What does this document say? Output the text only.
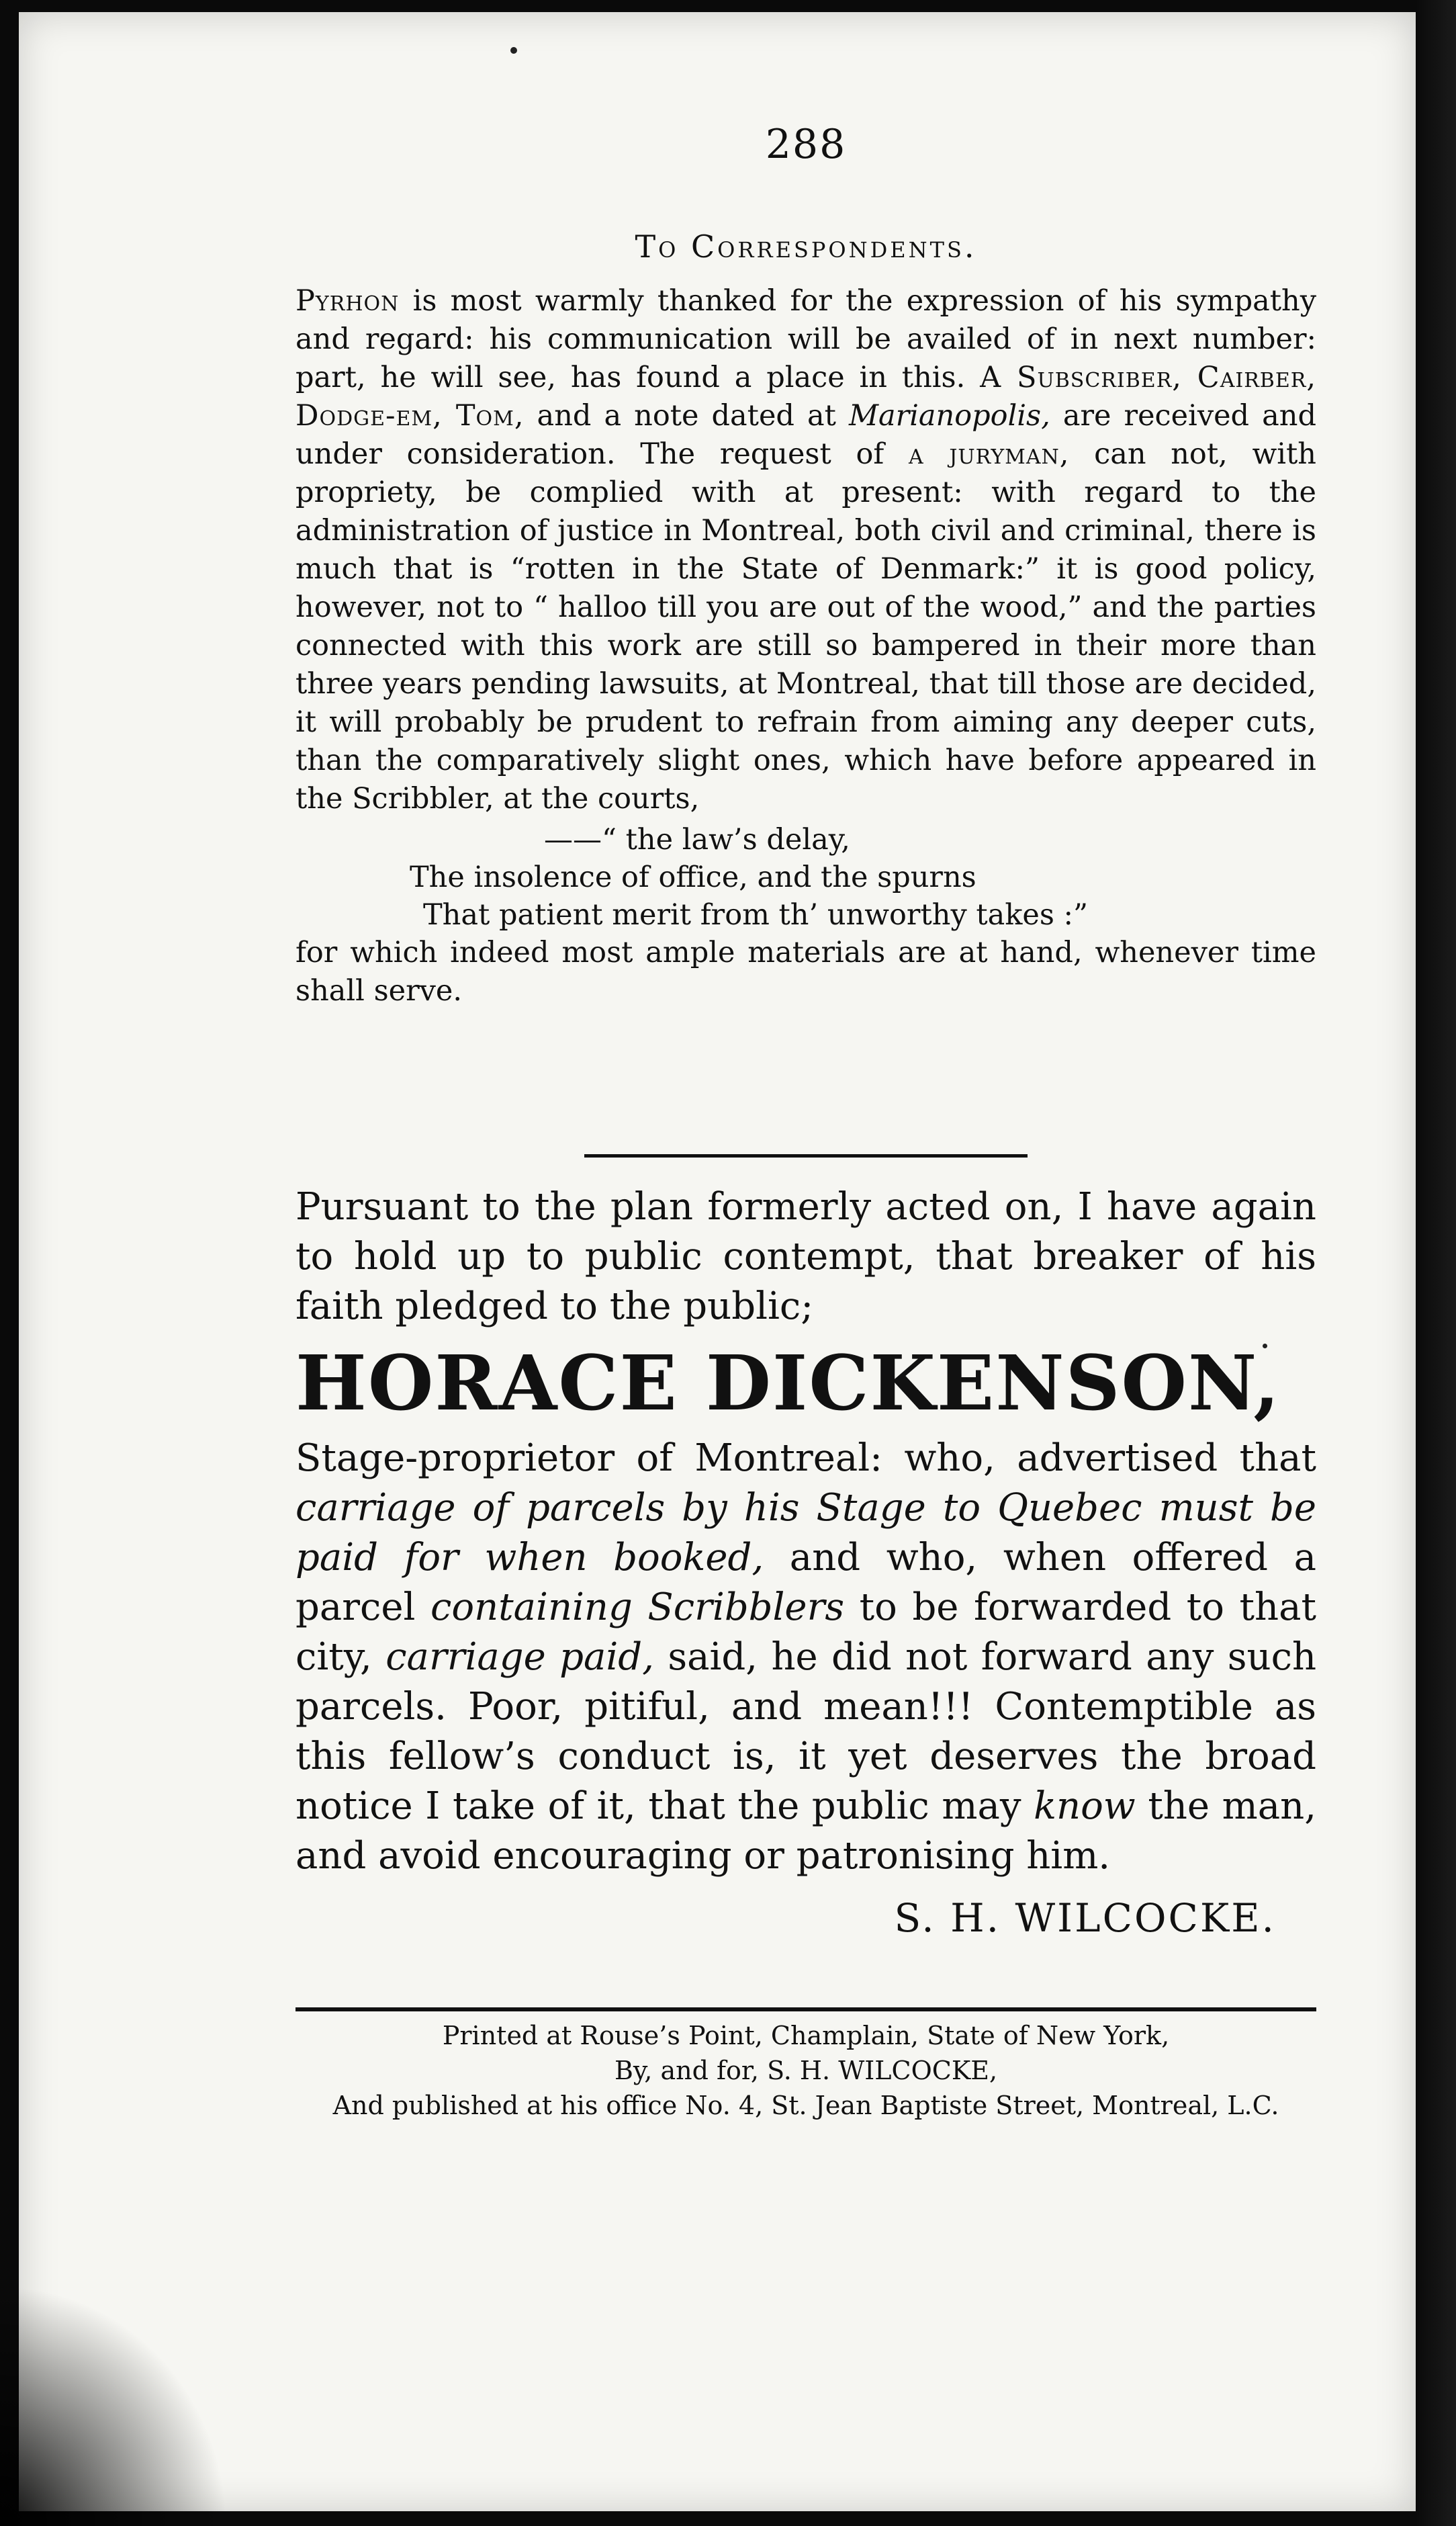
288
To Correspondents.

Pyrhon is most warmly thanked for the expression of his sympathy and regard: his communication will be availed of in next number: part, he will see, has found a place in this. A Subscriber, Cairber, Dodge-em, Tom, and a note dated at Marianopolis, are received and under consideration. The request of a juryman, can not, with propriety, be complied with at present: with regard to the administration of justice in Montreal, both civil and criminal, there is much that is “rotten in the State of Denmark:” it is good policy, however, not to “ halloo till you are out of the wood,” and the parties connected with this work are still so bampered in their more than three years pending lawsuits, at Montreal, that till those are decided, it will probably be prudent to refrain from aiming any deeper cuts, than the comparatively slight ones, which have before appeared in the Scribbler, at the courts,

——“ the law’s delay,
The insolence of office, and the spurns
That patient merit from th’ unworthy takes :”

for which indeed most ample materials are at hand, whenever time shall serve.

Pursuant to the plan formerly acted on, I have again to hold up to public contempt, that breaker of his faith pledged to the public;

HORACE DICKENSON,

Stage-proprietor of Montreal: who, advertised that carriage of parcels by his Stage to Quebec must be paid for when booked, and who, when offered a parcel containing Scribblers to be forwarded to that city, carriage paid, said, he did not forward any such parcels. Poor, pitiful, and mean!!! Contemptible as this fellow’s conduct is, it yet deserves the broad notice I take of it, that the public may know the man, and avoid encouraging or patronising him.

S. H. WILCOCKE.
Printed at Rouse’s Point, Champlain, State of New York,
By, and for, S. H. WILCOCKE,
And published at his office No. 4, St. Jean Baptiste Street, Montreal, L.C.
